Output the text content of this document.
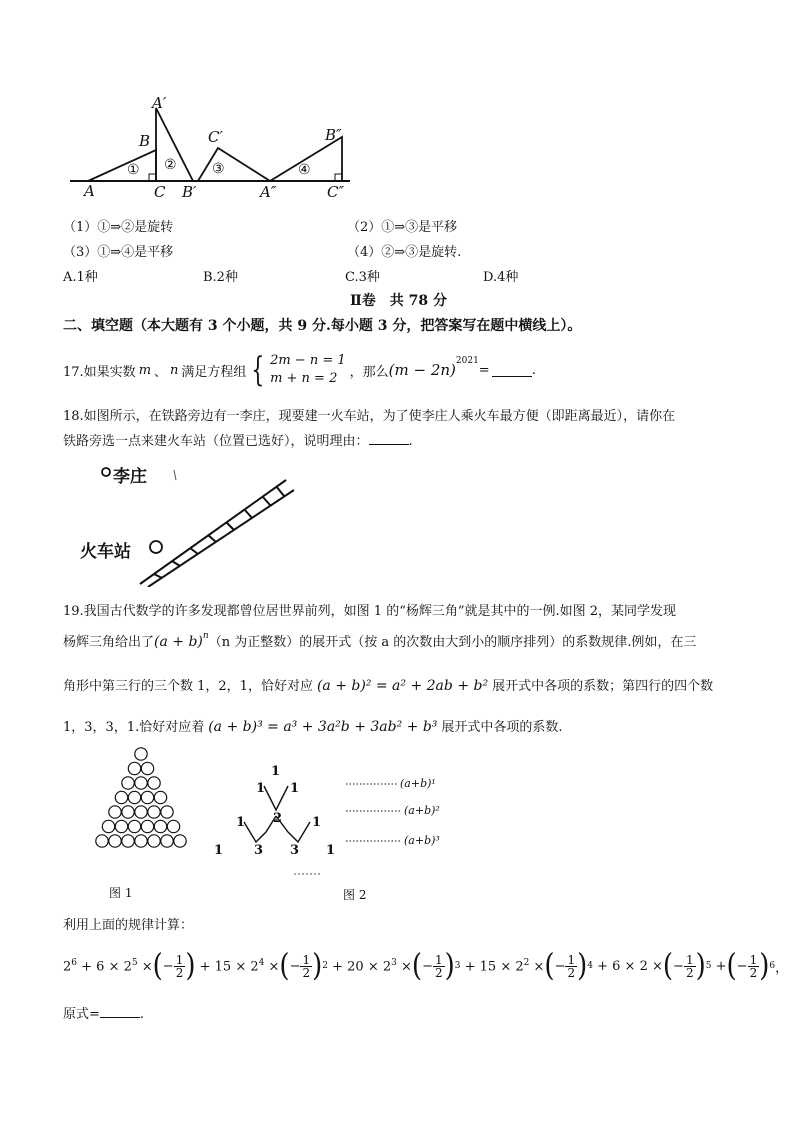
A
B
C
A′
B′
C′
A″
B″
C″
① ②	③	④
（1）①⇒②是旋转	（2）①⇒③是平移
（3）①⇒④是平移	（4）②⇒③是旋转.
A.1种	B.2种	C.3种	D.4种
Ⅱ卷　共 78 分
二、填空题（本大题有 3 个小题，共 9 分.每小题 3 分，把答案写在题中横线上）。
17.如果实数 m 、 n 满足方程组 { 2m − n = 1
m + n = 2 ，那么 (m − 2n) 2021
=	.
18.如图所示，在铁路旁边有一李庄，现要建一火车站，为了使李庄人乘火车最方便（即距离最近），请你在
铁路旁选一点来建火车站（位置已选好），说明理由：	.
李庄
火车站
19.我国古代数学的许多发现都曾位居世界前列，如图 1 的“杨辉三角”就是其中的一例.如图 2，某同学发现
杨辉三角给出了$(a + b)^n(n$ 为正整数）的展开式（按 a 的次数由大到小的顺序排列）的系数规律.例如，在三
角形中第三行的三个数 1，2，1，恰好对应 (a + b)² = a² + 2ab + b² 展开式中各项的系数；第四行的四个数
1，3，3，1.恰好对应着 (a + b)³ = a³ + 3a²b + 3ab² + b³ 展开式中各项的系数.
图 1
1
1 1
1 2 1
1 3 3 1
(a+b)¹
(a+b)²
(a+b)³
图 2
利用上面的规律计算：
$2^6 + 6 \times 2^5$ × ( − $\frac{1}{2}$ ) + $15 \times 2^4$ × ( − $\frac{1}{2}$ ) $2 + 20 \times 2^3$ × ( − $\frac{1}{2}$ ) $3 + 15 \times 2^2$ × ( − $\frac{1}{2}$ ) 4 + 6 × 2 × ( − $\frac{1}{2}$ ) 5 + ( − $\frac{1}{2}$ ) 6 ，
原式=	.
